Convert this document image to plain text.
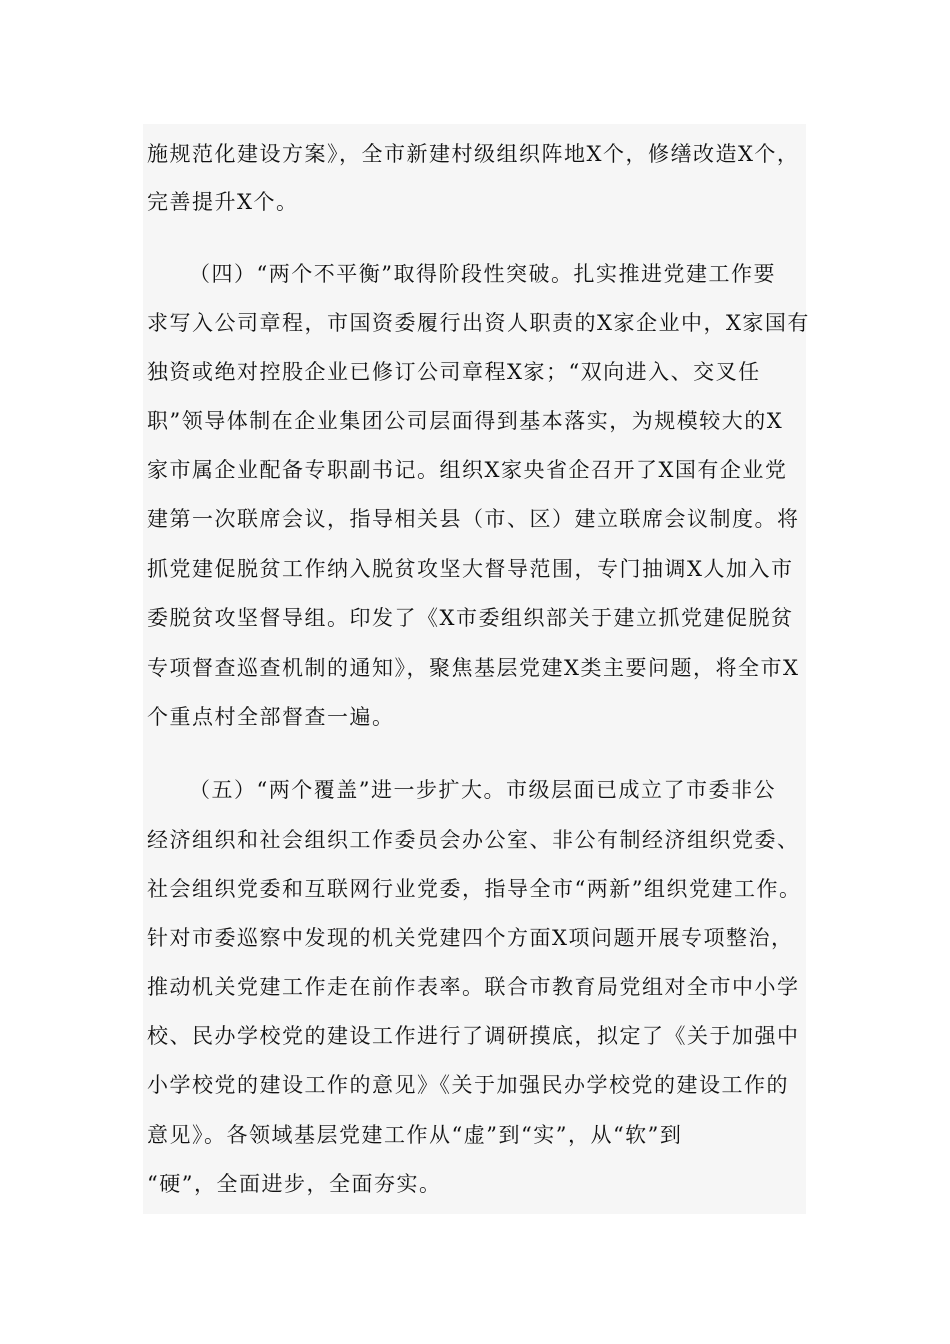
施规范化建设方案》，全市新建村级组织阵地X个，修缮改造X个，
完善提升X个。
（四）“两个不平衡”取得阶段性突破。扎实推进党建工作要
求写入公司章程，市国资委履行出资人职责的X家企业中，X家国有
独资或绝对控股企业已修订公司章程X家；“双向进入、交叉任
职”领导体制在企业集团公司层面得到基本落实，为规模较大的X
家市属企业配备专职副书记。组织X家央省企召开了X国有企业党
建第一次联席会议，指导相关县（市、区）建立联席会议制度。将
抓党建促脱贫工作纳入脱贫攻坚大督导范围，专门抽调X人加入市
委脱贫攻坚督导组。印发了《X市委组织部关于建立抓党建促脱贫
专项督查巡查机制的通知》，聚焦基层党建X类主要问题，将全市X
个重点村全部督查一遍。
（五）“两个覆盖”进一步扩大。市级层面已成立了市委非公
经济组织和社会组织工作委员会办公室、非公有制经济组织党委、
社会组织党委和互联网行业党委，指导全市“两新”组织党建工作。
针对市委巡察中发现的机关党建四个方面X项问题开展专项整治，
推动机关党建工作走在前作表率。联合市教育局党组对全市中小学
校、民办学校党的建设工作进行了调研摸底，拟定了《关于加强中
小学校党的建设工作的意见》《关于加强民办学校党的建设工作的
意见》。各领域基层党建工作从“虚”到“实”，从“软”到
“硬”，全面进步，全面夯实。
